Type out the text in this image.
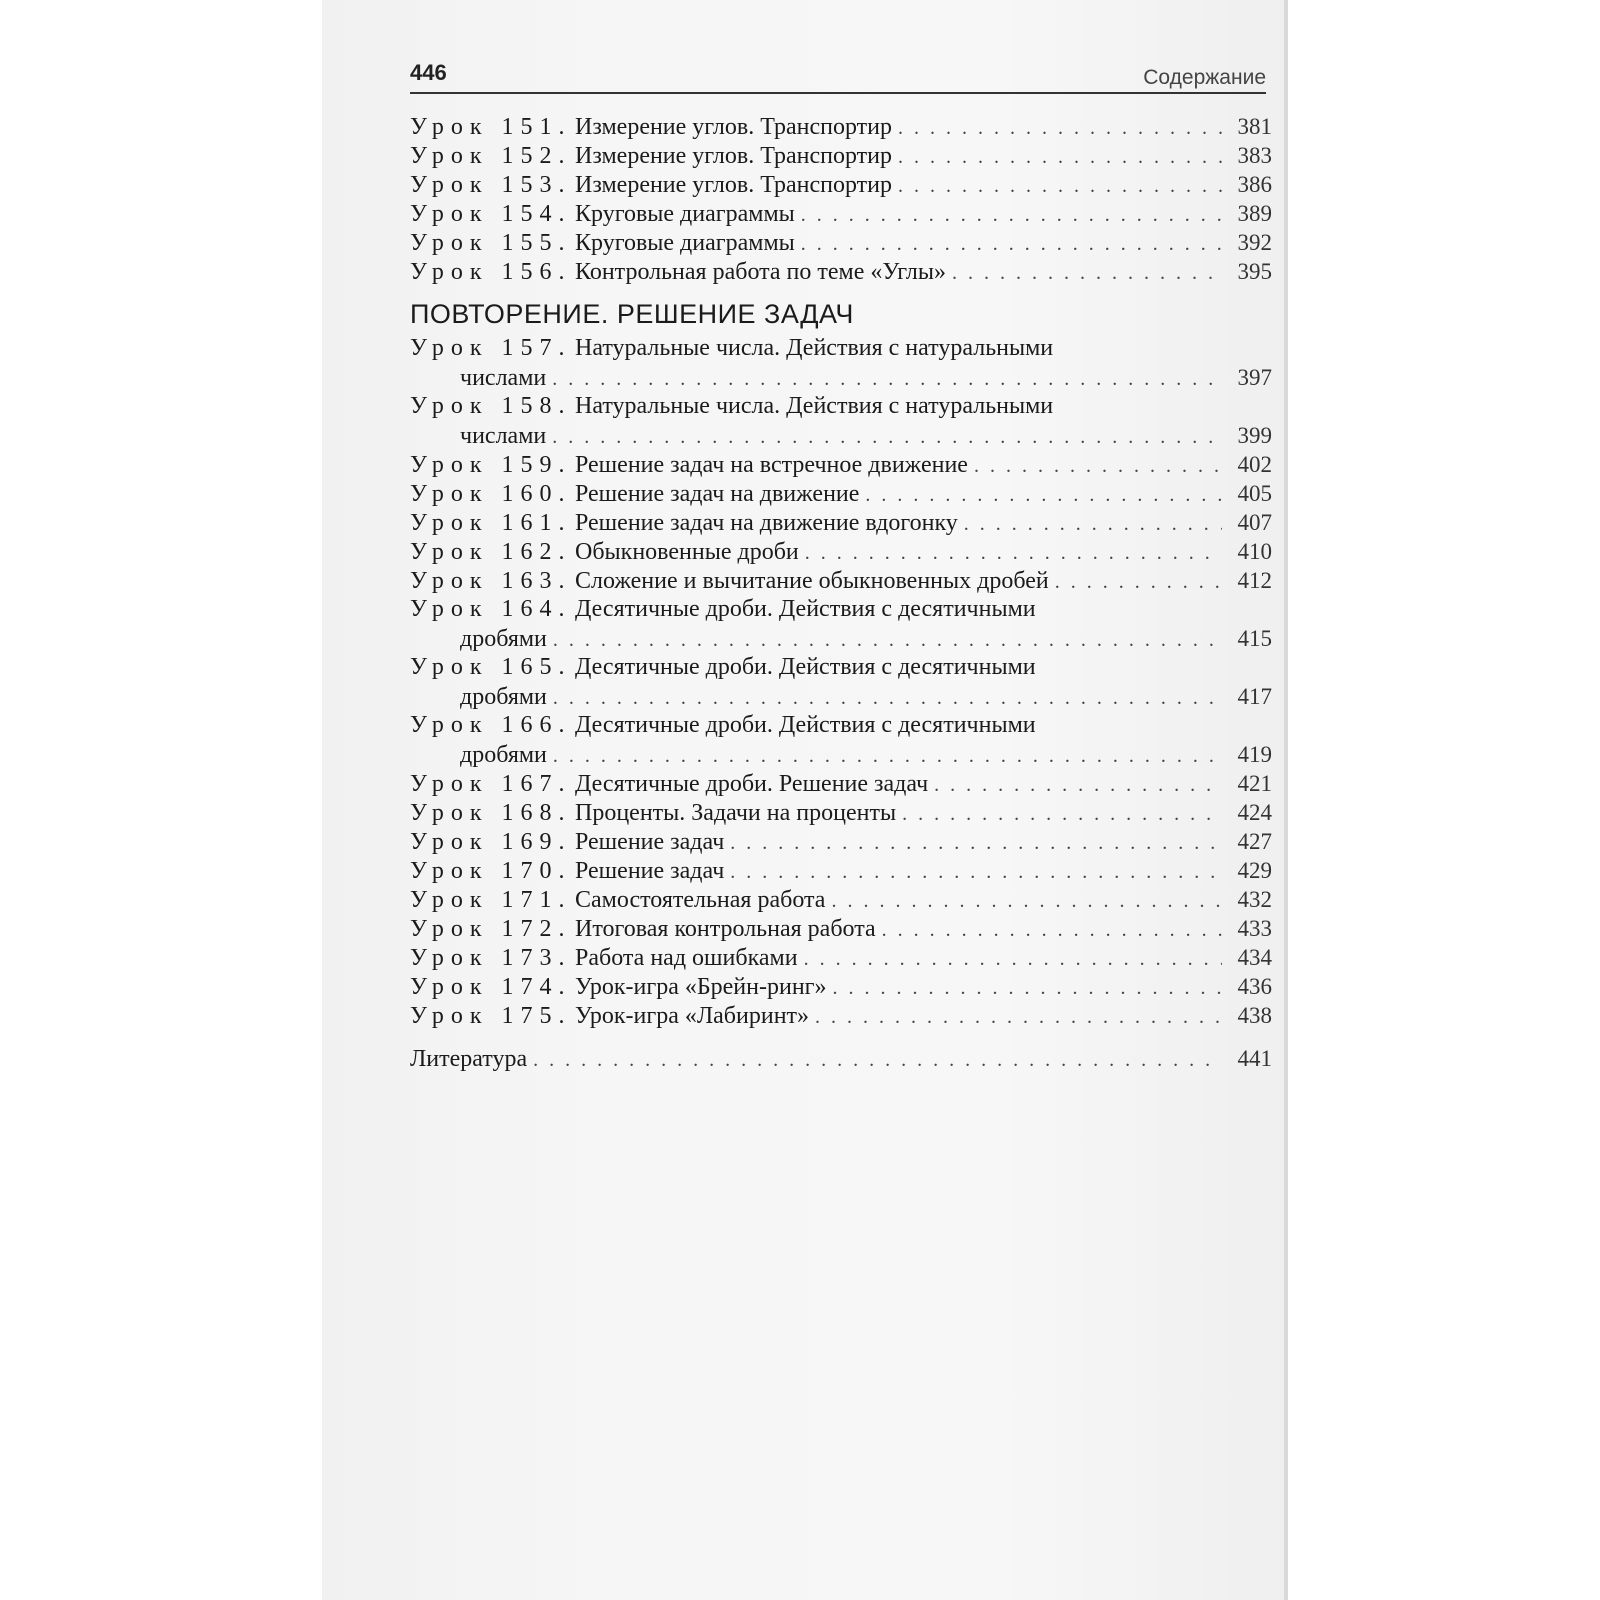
446	Содержание
Урок 151. Измерение углов. Транспортир . . .	381
Урок 152. Измерение углов. Транспортир . . .	383
Урок 153. Измерение углов. Транспортир . . .	386
Урок 154. Круговые диаграммы . . .	389
Урок 155. Круговые диаграммы . . .	392
Урок 156. Контрольная работа по теме «Углы» . . .	395
ПОВТОРЕНИЕ. РЕШЕНИЕ ЗАДАЧ
Урок 157. Натуральные числа. Действия с натуральными
числами . . .	397
Урок 158. Натуральные числа. Действия с натуральными
числами . . .	399
Урок 159. Решение задач на встречное движение . . .	402
Урок 160. Решение задач на движение . . .	405
Урок 161. Решение задач на движение вдогонку . . .	407
Урок 162. Обыкновенные дроби . . .	410
Урок 163. Сложение и вычитание обыкновенных дробей . . .	412
Урок 164. Десятичные дроби. Действия с десятичными
дробями . . .	415
Урок 165. Десятичные дроби. Действия с десятичными
дробями . . .	417
Урок 166. Десятичные дроби. Действия с десятичными
дробями . . .	419
Урок 167. Десятичные дроби. Решение задач . . .	421
Урок 168. Проценты. Задачи на проценты . . .	424
Урок 169. Решение задач . . .	427
Урок 170. Решение задач . . .	429
Урок 171. Самостоятельная работа . . .	432
Урок 172. Итоговая контрольная работа . . .	433
Урок 173. Работа над ошибками . . .	434
Урок 174. Урок-игра «Брейн-ринг» . . .	436
Урок 175. Урок-игра «Лабиринт» . . .	438
Литература . . .	441
